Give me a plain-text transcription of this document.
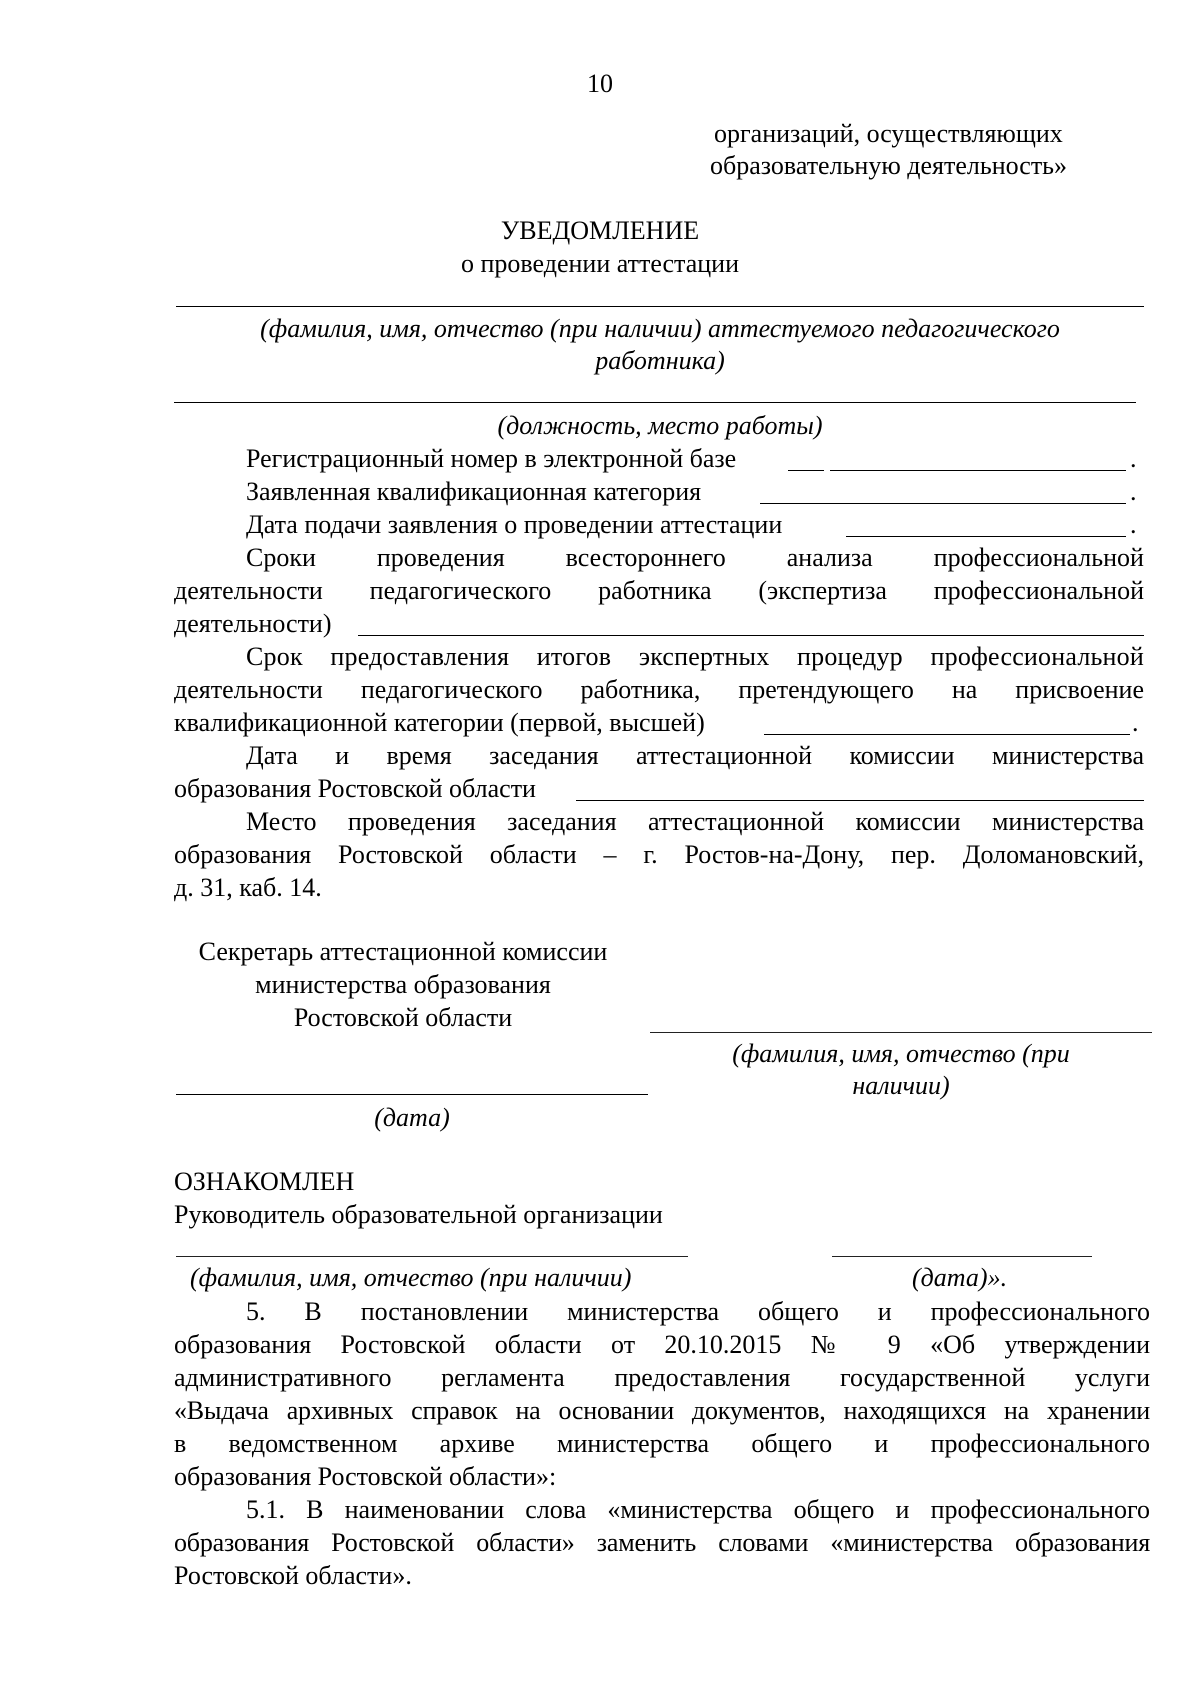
10
организаций, осуществляющих
образовательную деятельность»
УВЕДОМЛЕНИЕ
о проведении аттестации
(фамилия, имя, отчество (при наличии) аттестуемого педагогического
работника)
(должность, место работы)
Регистрационный номер в электронной базе	.
Заявленная квалификационная категория	.
Дата подачи заявления о проведении аттестации	.
Сроки проведения всестороннего анализа профессиональной
деятельности педагогического работника (экспертиза профессиональной
деятельности)
Срок предоставления итогов экспертных процедур профессиональной
деятельности педагогического работника, претендующего на присвоение
квалификационной категории (первой, высшей)	.
Дата и время заседания аттестационной комиссии министерства
образования Ростовской области
Место проведения заседания аттестационной комиссии министерства
образования Ростовской области – г. Ростов-на-Дону, пер. Доломановский,
д. 31, каб. 14.
Секретарь аттестационной комиссии
министерства образования
Ростовской области
(фамилия, имя, отчество (при
наличии)
(дата)
ОЗНАКОМЛЕН
Руководитель образовательной организации
(фамилия, имя, отчество (при наличии)	(дата)».
5. В постановлении министерства общего и профессионального
образования Ростовской области от 20.10.2015 № 9 «Об утверждении
административного регламента предоставления государственной услуги
«Выдача архивных справок на основании документов, находящихся на хранении
в ведомственном архиве министерства общего и профессионального
образования Ростовской области»:
5.1. В наименовании слова «министерства общего и профессионального
образования Ростовской области» заменить словами «министерства образования
Ростовской области».
